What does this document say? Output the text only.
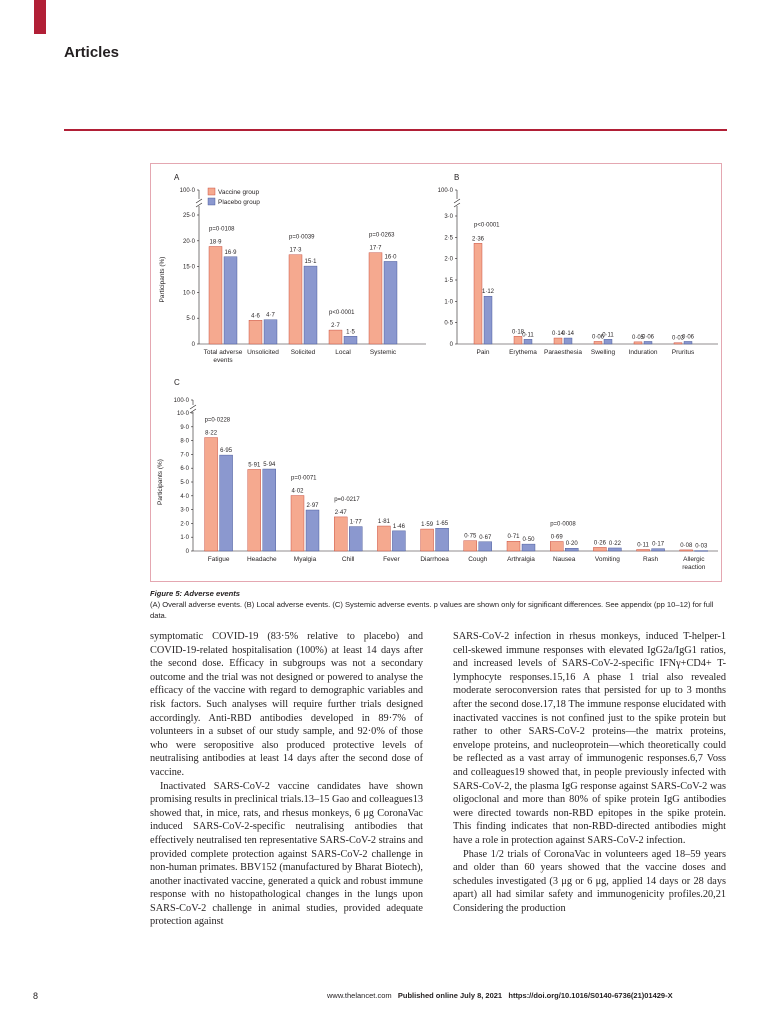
Articles
A
100·0
0
5·0
10·0
15·0
20·0
25·0
Participants (%)
18·9
16·9
p=0·0108
Total adverse
events
4·6 4·7
Unsolicited
17·3
15·1
p=0·0039
Solicited
2·7
1·5
p<0·0001
Local
17·7
16·0
p=0·0263
Systemic
Vaccine group
Placebo group
B
100·0
0
0·5
1·0
1·5
2·0
2·5
3·0
2·36
1·12
p<0·0001
Pain
0·18
0·11
Erythema
0·14
0·14
Paraesthesia
0·06
0·11
Swelling
0·05
0·06
Induration
0·03
0·06
Pruritus
C
100·0
0
1·0
2·0
3·0
4·0
5·0
6·0
7·0
8·0
9·0
10·0
Participants (%)
8·22
6·95
p=0·0228
Fatigue
5·91 5·94
Headache
4·02
2·97
p=0·0071
Myalgia
2·47
1·77
p=0·0217
Chill
1·81
1·46
Fever
1·59 1·65
Diarrhoea
0·75 0·67
Cough
0·71 0·50
Arthralgia
0·69
0·20
p=0·0008
Nausea
0·26 0·22
Vomiting
0·11 0·17
Rash
0·08 0·03
Allergic
reaction
Figure 5: Adverse events
(A) Overall adverse events. (B) Local adverse events. (C) Systemic adverse events. p values are shown only for significant differences. See appendix (pp 10–12) for full data.

symptomatic COVID-19 (83·5% relative to placebo) and COVID-19-related hospitalisation (100%) at least 14 days after the second dose. Efficacy in subgroups was not a secondary outcome and the trial was not designed or powered to analyse the efficacy of the vaccine with regard to demographic variables and risk factors. Such analyses will require further trials designed accordingly. Anti-RBD antibodies developed in 89·7% of volunteers in a subset of our study sample, and 92·0% of those who were seropositive also produced protective levels of neutralising antibodies at least 14 days after the second dose of vaccine.

Inactivated SARS-CoV-2 vaccine candidates have shown promising results in preclinical trials.13–15 Gao and colleagues13 showed that, in mice, rats, and rhesus monkeys, 6 μg CoronaVac induced SARS-CoV-2-specific neutralising antibodies that effectively neutralised ten representative SARS-CoV-2 strains and provided complete protection against SARS-CoV-2 challenge in non-human primates. BBV152 (manufactured by Bharat Biotech), another inactivated vaccine, generated a quick and robust immune response with no histopathological changes in the lungs upon SARS-CoV-2 challenge in animal studies, provided adequate protection against

SARS-CoV-2 infection in rhesus monkeys, induced T-helper-1 cell-skewed immune responses with elevated IgG2a/IgG1 ratios, and increased levels of SARS-CoV-2-specific IFNγ+CD4+ T-lymphocyte responses.15,16 A phase 1 trial also revealed moderate seroconversion rates that persisted for up to 3 months after the second dose.17,18 The immune response elucidated with inactivated vaccines is not confined just to the spike protein but rather to other SARS-CoV-2 proteins—the matrix proteins, envelope proteins, and nucleoprotein—which theoretically could be reflected as a vast array of immunogenic responses.6,7 Voss and colleagues19 showed that, in people previously infected with SARS-CoV-2, the plasma IgG response against SARS-CoV-2 was oligoclonal and more than 80% of spike protein IgG antibodies were directed towards non-RBD epitopes in the spike protein. This finding indicates that non-RBD-directed antibodies might have a role in protection against SARS-CoV-2 infection.

Phase 1/2 trials of CoronaVac in volunteers aged 18–59 years and older than 60 years showed that the vaccine doses and schedules investigated (3 μg or 6 μg, applied 14 days or 28 days apart) all had similar safety and immunogenicity profiles.20,21 Considering the production

8	www.thelancet.com Published online July 8, 2021 https://doi.org/10.1016/S0140-6736(21)01429-X
